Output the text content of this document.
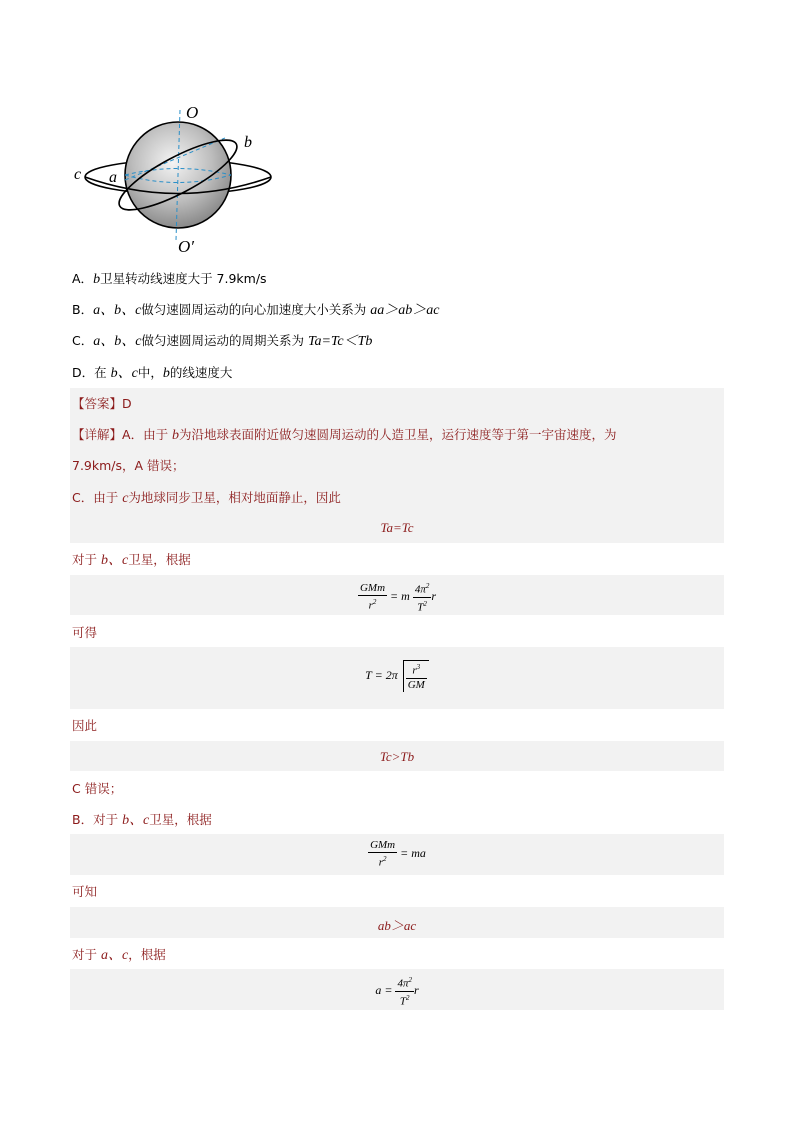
O
O′
a
b
c
A．b卫星转动线速度大于 7.9km/s
B．a、b、c做匀速圆周运动的向心加速度大小关系为 aa＞ab＞ac
C．a、b、c做匀速圆周运动的周期关系为 Ta=Tc＜Tb
D．在 b、c中，b的线速度大
【答案】D
【详解】A．由于 b为沿地球表面附近做匀速圆周运动的人造卫星，运行速度等于第一宇宙速度，为
7.9km/s，A 错误；
C．由于 c为地球同步卫星，相对地面静止，因此
Ta=Tc
对于 b、c卫星，根据
$\frac{\text{GMm}}{r^2} = m \frac{4\pi^2}{T^2}$ r
可得
$T = 2\pi \frac{r^3}{GM}$
因此
Tc>Tb
C 错误；
B．对于 b、c卫星，根据
$\frac{\text{GMm}}{r^2}$ = ma
可知
ab＞ac
对于 a、c，根据
$a = \frac{4\pi^2}{T^2}$ r
